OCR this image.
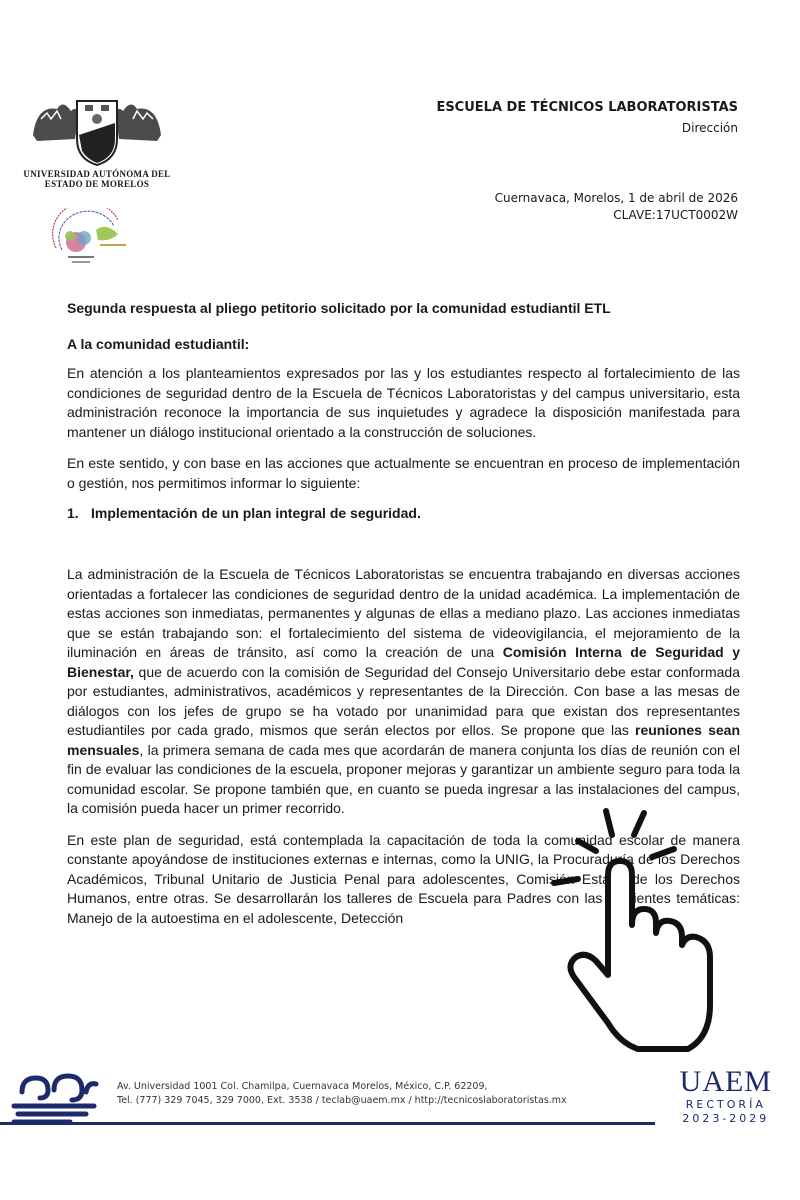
UNIVERSIDAD AUTÓNOMA DEL
ESTADO DE MORELOS
ESCUELA DE TÉCNICOS LABORATORISTAS
Dirección
Cuernavaca, Morelos, 1 de abril de 2026
CLAVE:17UCT0002W
Segunda respuesta al pliego petitorio solicitado por la comunidad estudiantil ETL
A la comunidad estudiantil:

En atención a los planteamientos expresados por las y los estudiantes respecto al fortalecimiento de las condiciones de seguridad dentro de la Escuela de Técnicos Laboratoristas y del campus universitario, esta administración reconoce la importancia de sus inquietudes y agradece la disposición manifestada para mantener un diálogo institucional orientado a la construcción de soluciones.

En este sentido, y con base en las acciones que actualmente se encuentran en proceso de implementación o gestión, nos permitimos informar lo siguiente:

1. Implementación de un plan integral de seguridad.

La administración de la Escuela de Técnicos Laboratoristas se encuentra trabajando en diversas acciones orientadas a fortalecer las condiciones de seguridad dentro de la unidad académica. La implementación de estas acciones son inmediatas, permanentes y algunas de ellas a mediano plazo. Las acciones inmediatas que se están trabajando son: el fortalecimiento del sistema de videovigilancia, el mejoramiento de la iluminación en áreas de tránsito, así como la creación de una Comisión Interna de Seguridad y Bienestar, que de acuerdo con la comisión de Seguridad del Consejo Universitario debe estar conformada por estudiantes, administrativos, académicos y representantes de la Dirección. Con base a las mesas de diálogos con los jefes de grupo se ha votado por unanimidad para que existan dos representantes estudiantiles por cada grado, mismos que serán electos por ellos. Se propone que las reuniones sean mensuales, la primera semana de cada mes que acordarán de manera conjunta los días de reunión con el fin de evaluar las condiciones de la escuela, proponer mejoras y garantizar un ambiente seguro para toda la comunidad escolar. Se propone también que, en cuanto se pueda ingresar a las instalaciones del campus, la comisión pueda hacer un primer recorrido.

En este plan de seguridad, está contemplada la capacitación de toda la comunidad escolar de manera constante apoyándose de instituciones externas e internas, como la UNIG, la Procuraduría de los Derechos Académicos, Tribunal Unitario de Justicia Penal para adolescentes, Comisión Estatal de los Derechos Humanos, entre otras. Se desarrollarán los talleres de Escuela para Padres con las siguientes temáticas: Manejo de la autoestima en el adolescente, Detección

Av. Universidad 1001 Col. Chamilpa, Cuernavaca Morelos, México, C.P. 62209,
Tel. (777) 329 7045, 329 7000, Ext. 3538 / teclab@uaem.mx / http://tecnicoslaboratoristas.mx
UAEM
RECTORÍA
2023-2029
